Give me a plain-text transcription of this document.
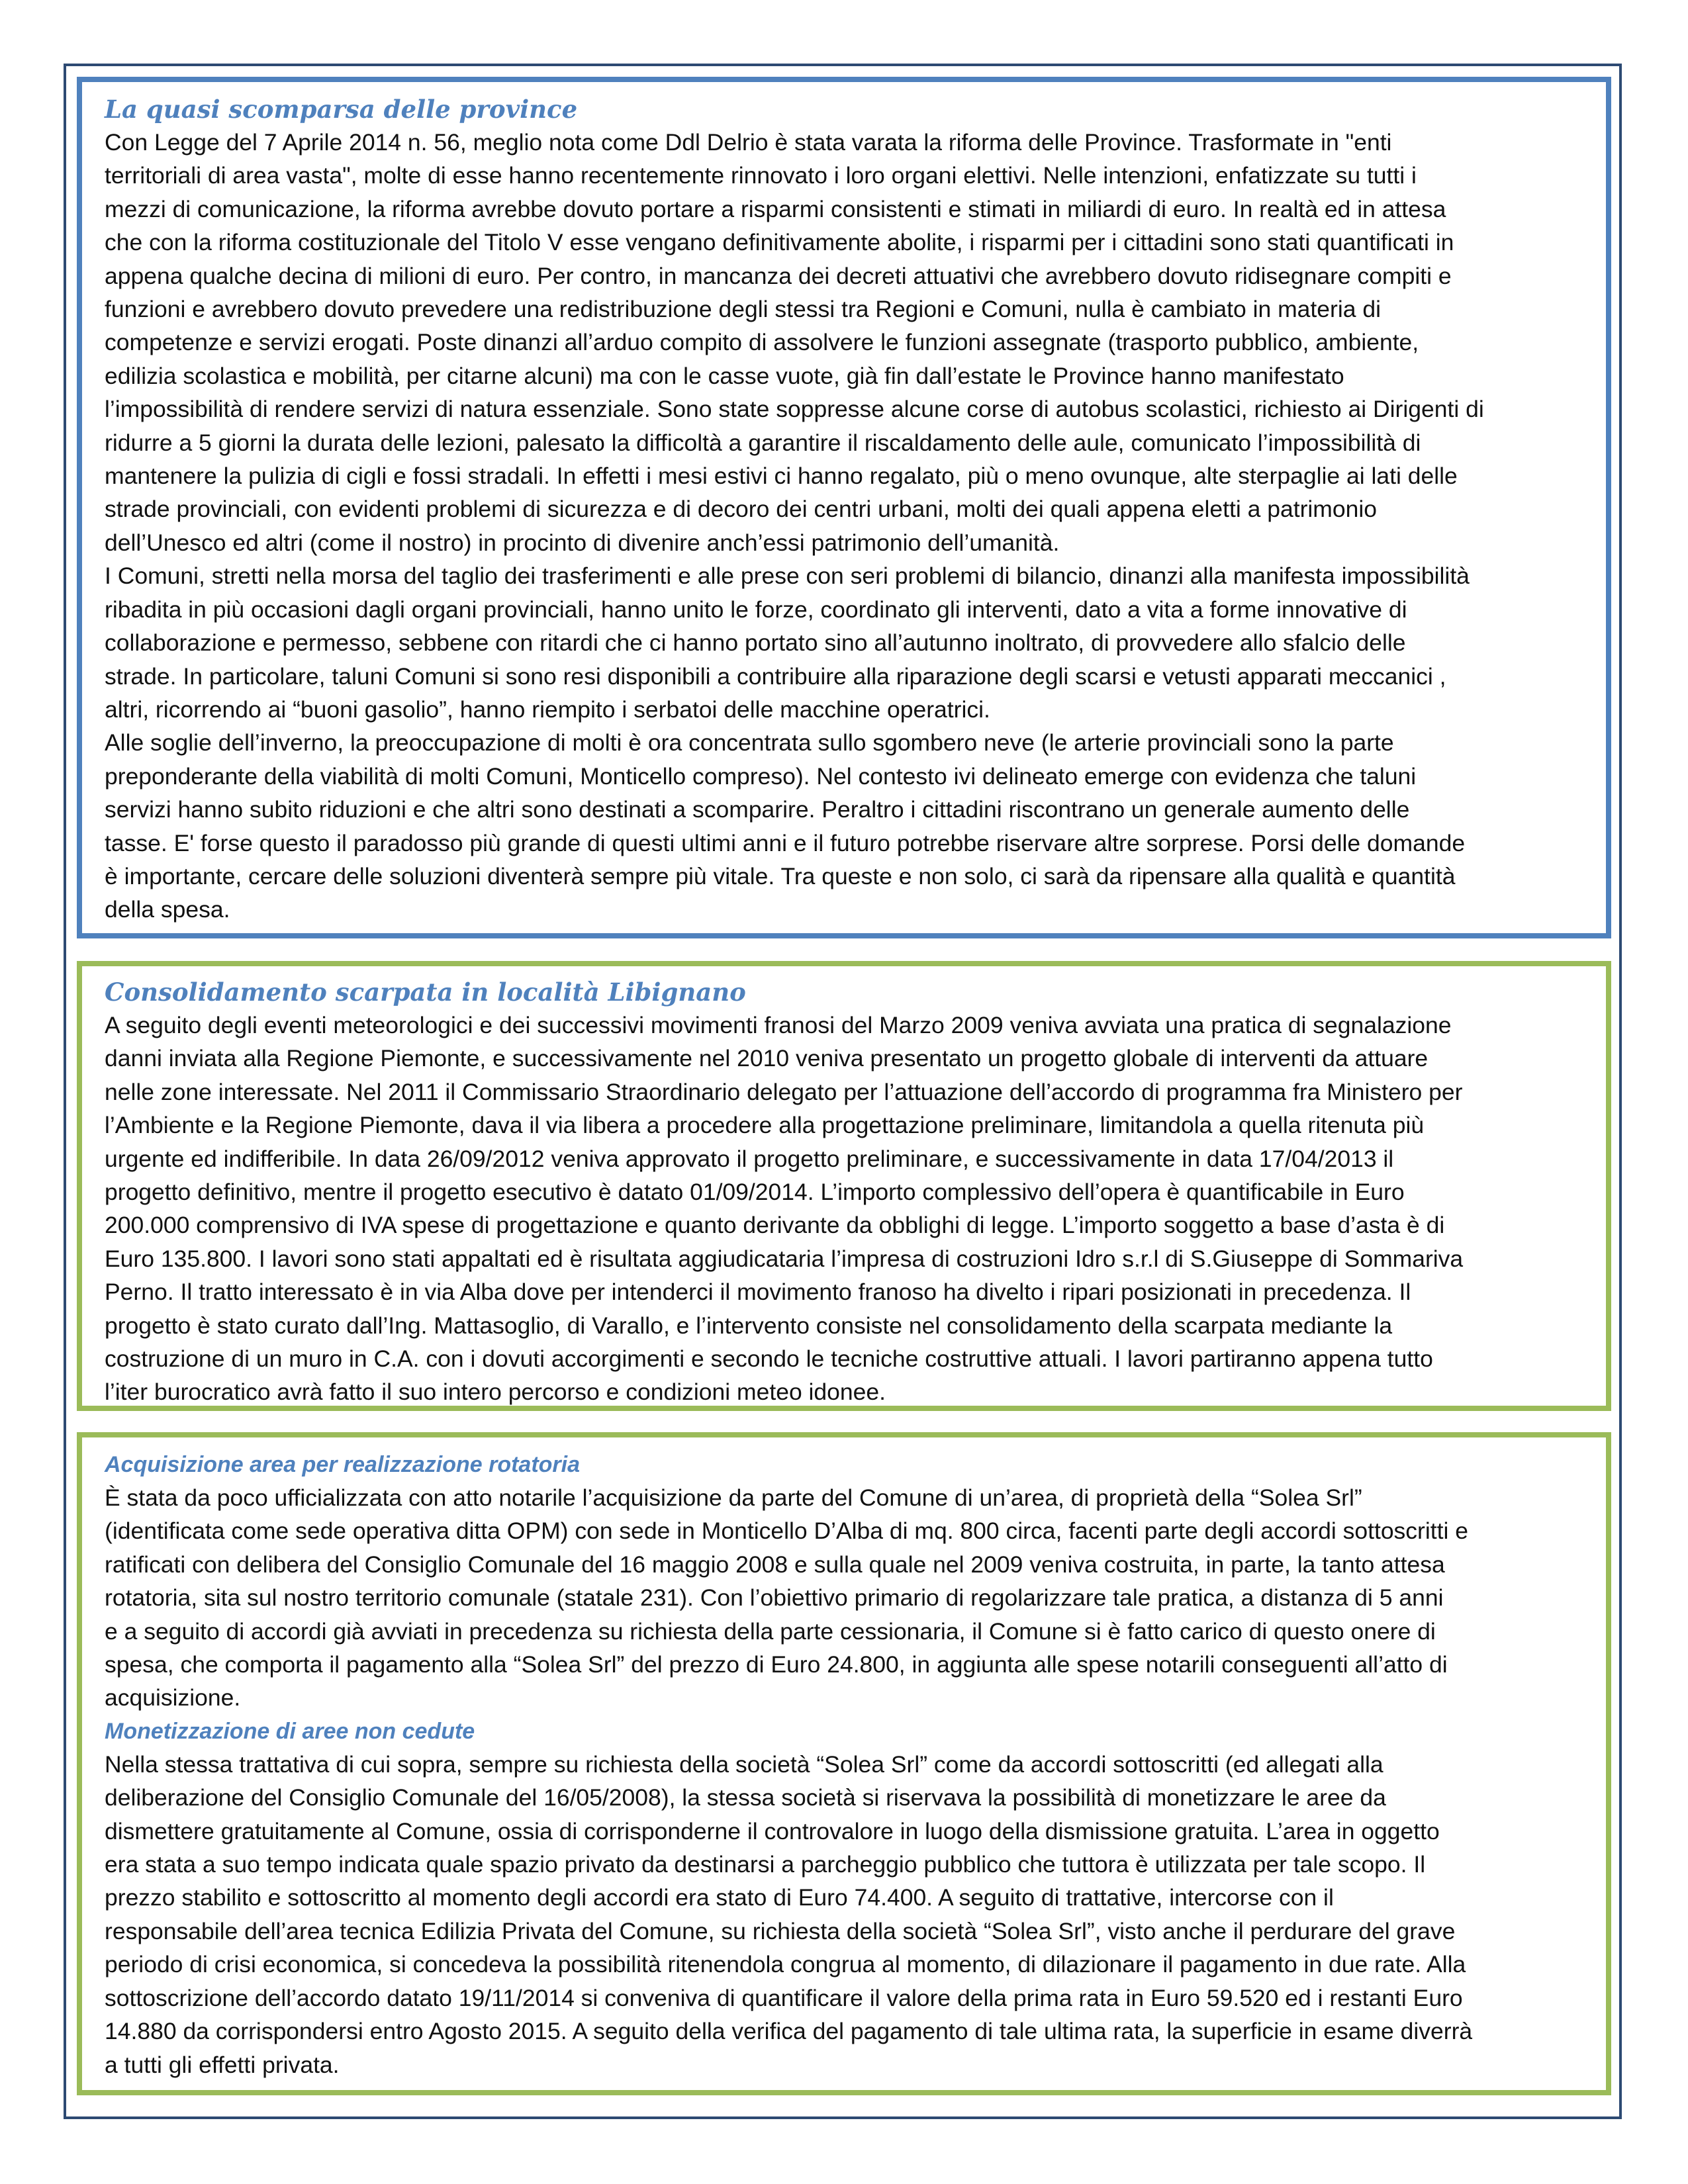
La quasi scomparsa delle province
Con Legge del 7 Aprile 2014 n. 56, meglio nota come Ddl Delrio è stata varata la riforma delle Province. Trasformate in "enti
territoriali di area vasta", molte di esse hanno recentemente rinnovato i loro organi elettivi. Nelle intenzioni, enfatizzate su tutti i
mezzi di comunicazione, la riforma avrebbe dovuto portare a risparmi consistenti e stimati in miliardi di euro. In realtà ed in attesa
che con la riforma costituzionale del Titolo V esse vengano definitivamente abolite, i risparmi per i cittadini sono stati quantificati in
appena qualche decina di milioni di euro. Per contro, in mancanza dei decreti attuativi che avrebbero dovuto ridisegnare compiti e
funzioni e avrebbero dovuto prevedere una redistribuzione degli stessi tra Regioni e Comuni, nulla è cambiato in materia di
competenze e servizi erogati. Poste dinanzi all’arduo compito di assolvere le funzioni assegnate (trasporto pubblico, ambiente,
edilizia scolastica e mobilità, per citarne alcuni) ma con le casse vuote, già fin dall’estate le Province hanno manifestato
l’impossibilità di rendere servizi di natura essenziale. Sono state soppresse alcune corse di autobus scolastici, richiesto ai Dirigenti di
ridurre a 5 giorni la durata delle lezioni, palesato la difficoltà a garantire il riscaldamento delle aule, comunicato l’impossibilità di
mantenere la pulizia di cigli e fossi stradali. In effetti i mesi estivi ci hanno regalato, più o meno ovunque, alte sterpaglie ai lati delle
strade provinciali, con evidenti problemi di sicurezza e di decoro dei centri urbani, molti dei quali appena eletti a patrimonio
dell’Unesco ed altri (come il nostro) in procinto di divenire anch’essi patrimonio dell’umanità.
I Comuni, stretti nella morsa del taglio dei trasferimenti e alle prese con seri problemi di bilancio, dinanzi alla manifesta impossibilità
ribadita in più occasioni dagli organi provinciali, hanno unito le forze, coordinato gli interventi, dato a vita a forme innovative di
collaborazione e permesso, sebbene con ritardi che ci hanno portato sino all’autunno inoltrato, di provvedere allo sfalcio delle
strade. In particolare, taluni Comuni si sono resi disponibili a contribuire alla riparazione degli scarsi e vetusti apparati meccanici ,
altri, ricorrendo ai “buoni gasolio”, hanno riempito i serbatoi delle macchine operatrici.
Alle soglie dell’inverno, la preoccupazione di molti è ora concentrata sullo sgombero neve (le arterie provinciali sono la parte
preponderante della viabilità di molti Comuni, Monticello compreso). Nel contesto ivi delineato emerge con evidenza che taluni
servizi hanno subito riduzioni e che altri sono destinati a scomparire. Peraltro i cittadini riscontrano un generale aumento delle
tasse. E' forse questo il paradosso più grande di questi ultimi anni e il futuro potrebbe riservare altre sorprese. Porsi delle domande
è importante, cercare delle soluzioni diventerà sempre più vitale. Tra queste e non solo, ci sarà da ripensare alla qualità e quantità
della spesa.
Consolidamento scarpata in località Libignano
A seguito degli eventi meteorologici e dei successivi movimenti franosi del Marzo 2009 veniva avviata una pratica di segnalazione
danni inviata alla Regione Piemonte, e successivamente nel 2010 veniva presentato un progetto globale di interventi da attuare
nelle zone interessate. Nel 2011 il Commissario Straordinario delegato per l’attuazione dell’accordo di programma fra Ministero per
l’Ambiente e la Regione Piemonte, dava il via libera a procedere alla progettazione preliminare, limitandola a quella ritenuta più
urgente ed indifferibile. In data 26/09/2012 veniva approvato il progetto preliminare, e successivamente in data 17/04/2013 il
progetto definitivo, mentre il progetto esecutivo è datato 01/09/2014. L’importo complessivo dell’opera è quantificabile in Euro
200.000 comprensivo di IVA spese di progettazione e quanto derivante da obblighi di legge. L’importo soggetto a base d’asta è di
Euro 135.800. I lavori sono stati appaltati ed è risultata aggiudicataria l’impresa di costruzioni Idro s.r.l di S.Giuseppe di Sommariva
Perno. Il tratto interessato è in via Alba dove per intenderci il movimento franoso ha divelto i ripari posizionati in precedenza. Il
progetto è stato curato dall’Ing. Mattasoglio, di Varallo, e l’intervento consiste nel consolidamento della scarpata mediante la
costruzione di un muro in C.A. con i dovuti accorgimenti e secondo le tecniche costruttive attuali. I lavori partiranno appena tutto
l’iter burocratico avrà fatto il suo intero percorso e condizioni meteo idonee.
Acquisizione area per realizzazione rotatoria
È stata da poco ufficializzata con atto notarile l’acquisizione da parte del Comune di un’area, di proprietà della “Solea Srl”
(identificata come sede operativa ditta OPM) con sede in Monticello D’Alba di mq. 800 circa, facenti parte degli accordi sottoscritti e
ratificati con delibera del Consiglio Comunale del 16 maggio 2008 e sulla quale nel 2009 veniva costruita, in parte, la tanto attesa
rotatoria, sita sul nostro territorio comunale (statale 231). Con l’obiettivo primario di regolarizzare tale pratica, a distanza di 5 anni
e a seguito di accordi già avviati in precedenza su richiesta della parte cessionaria, il Comune si è fatto carico di questo onere di
spesa, che comporta il pagamento alla “Solea Srl” del prezzo di Euro 24.800, in aggiunta alle spese notarili conseguenti all’atto di
acquisizione.
Monetizzazione di aree non cedute
Nella stessa trattativa di cui sopra, sempre su richiesta della società “Solea Srl” come da accordi sottoscritti (ed allegati alla
deliberazione del Consiglio Comunale del 16/05/2008), la stessa società si riservava la possibilità di monetizzare le aree da
dismettere gratuitamente al Comune, ossia di corrisponderne il controvalore in luogo della dismissione gratuita. L’area in oggetto
era stata a suo tempo indicata quale spazio privato da destinarsi a parcheggio pubblico che tuttora è utilizzata per tale scopo. Il
prezzo stabilito e sottoscritto al momento degli accordi era stato di Euro 74.400. A seguito di trattative, intercorse con il
responsabile dell’area tecnica Edilizia Privata del Comune, su richiesta della società “Solea Srl”, visto anche il perdurare del grave
periodo di crisi economica, si concedeva la possibilità ritenendola congrua al momento, di dilazionare il pagamento in due rate. Alla
sottoscrizione dell’accordo datato 19/11/2014 si conveniva di quantificare il valore della prima rata in Euro 59.520 ed i restanti Euro
14.880 da corrispondersi entro Agosto 2015. A seguito della verifica del pagamento di tale ultima rata, la superficie in esame diverrà
a tutti gli effetti privata.
